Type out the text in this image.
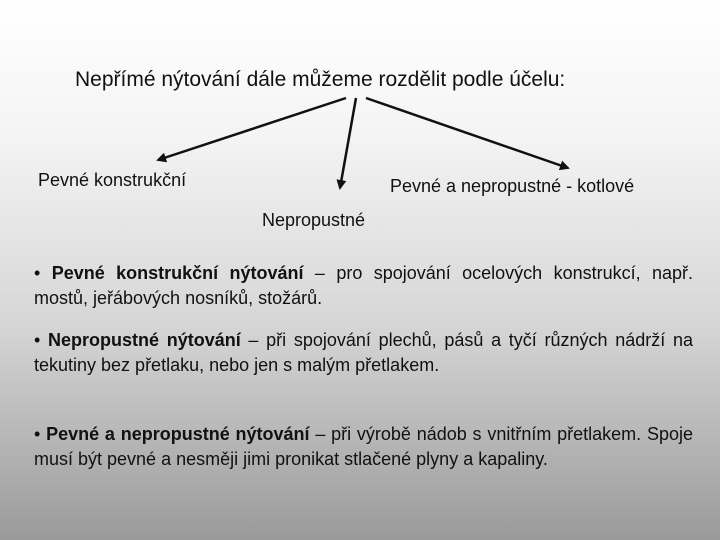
Nepřímé nýtování dále můžeme rozdělit podle účelu:
Pevné konstrukční	Pevné a nepropustné - kotlové
Nepropustné
• Pevné konstrukční nýtování – pro spojování ocelových konstrukcí, např. mostů, jeřábových nosníků, stožárů.
• Nepropustné nýtování – při spojování plechů, pásů a tyčí různých nádrží na tekutiny bez přetlaku, nebo jen s malým přetlakem.
• Pevné a nepropustné nýtování – při výrobě nádob s vnitřním přetlakem. Spoje musí být pevné a nesměji jimi pronikat stlačené plyny a kapaliny.
